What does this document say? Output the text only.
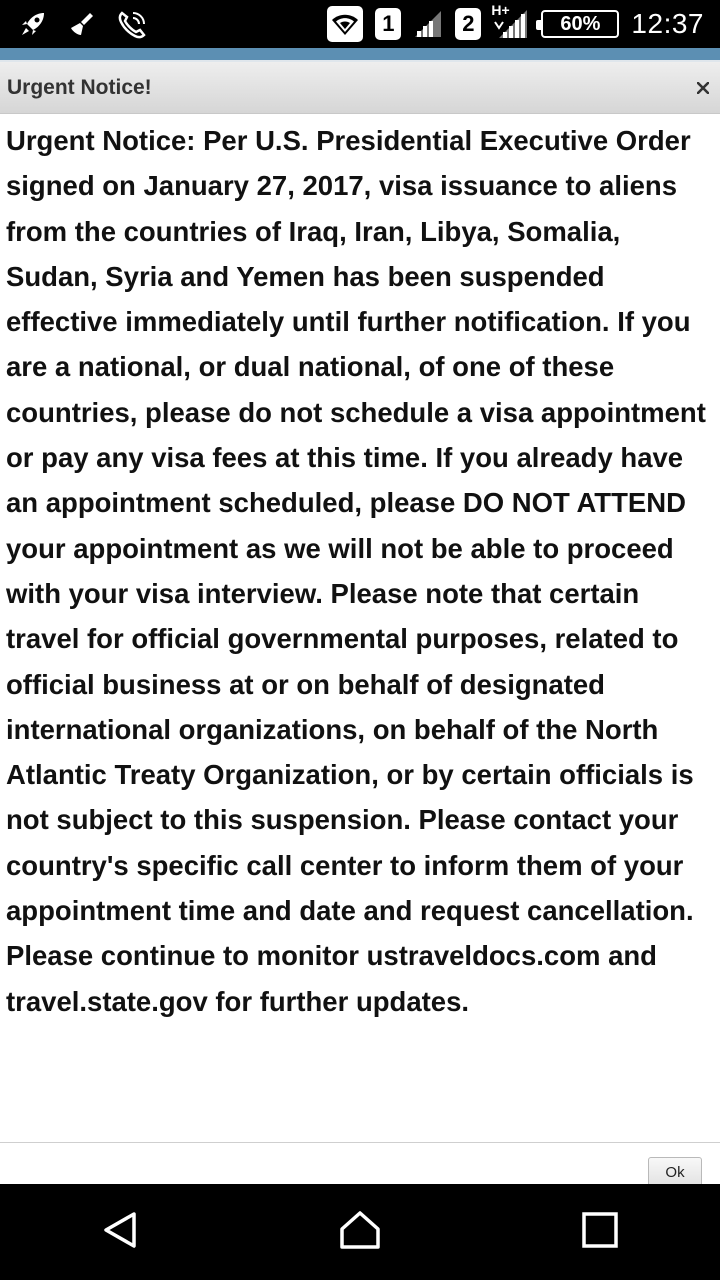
1	2
H+
60% 12:37
Urgent Notice!

Urgent Notice: Per U.S. Presidential Executive Order signed on January 27, 2017, visa issuance to aliens from the countries of Iraq, Iran, Libya, Somalia, Sudan, Syria and Yemen has been suspended effective immediately until further notification. If you are a national, or dual national, of one of these countries, please do not schedule a visa appointment or pay any visa fees at this time. If you already have an appointment scheduled, please DO NOT ATTEND your appointment as we will not be able to proceed with your visa interview. Please note that certain travel for official governmental purposes, related to official business at or on behalf of designated international organizations, on behalf of the North Atlantic Treaty Organization, or by certain officials is not subject to this suspension. Please contact your country's specific call center to inform them of your appointment time and date and request cancellation. Please continue to monitor ustraveldocs.com and travel.state.gov for further updates.

Ok
